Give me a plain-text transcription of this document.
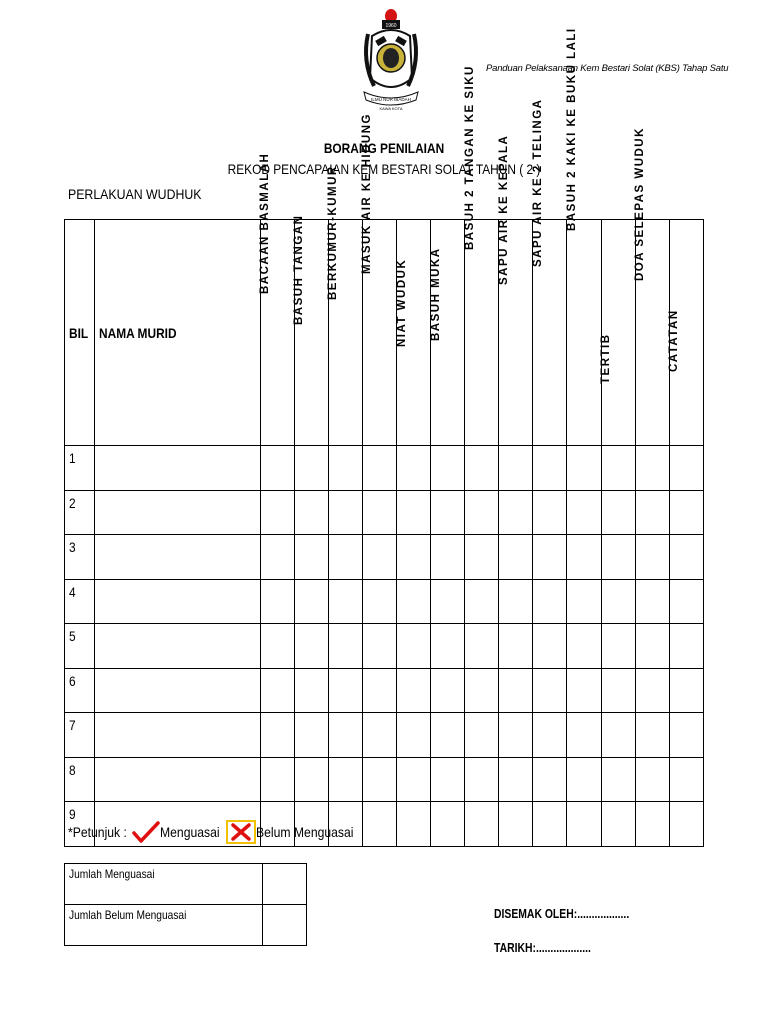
1960
ILMU NUR IBADAH
KAWA KOTA
Panduan Pelaksanaan Kem Bestari Solat (KBS) Tahap Satu
BORANG PENILAIAN
REKOD PENCAPAIAN KEM BESTARI SOLAT TAHUN ( 2 )
PERLAKUAN WUDHUK
BIL	NAMA MURID	BACAAN BASMALAH	BASUH TANGAN	BERKUMUR-KUMUR	MASUK AIR KE HIDUNG	NIAT WUDUK	BASUH MUKA	BASUH 2 TANGAN KE SIKU	SAPU AIR KE KEPALA	SAPU AIR KE 2 TELINGA	BASUH 2 KAKI KE BUKU LALI	TERTIB	DOA SELEPAS WUDUK	CATATAN

1														
2														
3														
4														
5														
6														
7														
8														
9														
*Petunjuk : Menguasai	Belum Menguasai
Jumlah Menguasai	
Jumlah Belum Menguasai		DISEMAK OLEH:..................
TARIKH:...................
